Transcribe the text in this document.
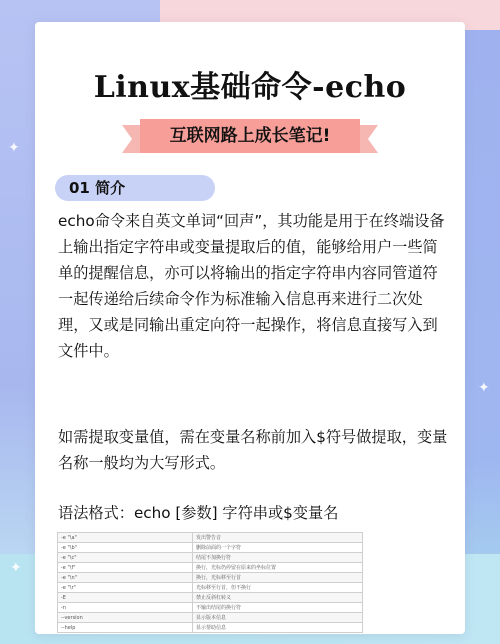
✦
✦
✦
Linux基础命令-echo
互联网路上成长笔记!
01 简介
echo命令来自英文单词“回声”，其功能是用于在终端设备上输出指定字符串或变量提取后的值，能够给用户一些简单的提醒信息，亦可以将输出的指定字符串内容同管道符一起传递给后续命令作为标准输入信息再来进行二次处理，又或是同输出重定向符一起操作，将信息直接写入到文件中。
如需提取变量值，需在变量名称前加入$符号做提取，变量名称一般均为大写形式。
语法格式：echo [参数] 字符串或$变量名
-e "\a"	发出警告音
-e "\b"	删除前面的一个字符
-e "\c"	结尾不加换行符
-e "\f"	换行，光标仍停留在原来的坐标位置
-e "\n"	换行，光标移至行首
-e "\r"	光标移至行首，但不换行
-E	禁止反斜杠转义
-n	不输出结尾的换行符
--version	显示版本信息
--help	显示帮助信息
